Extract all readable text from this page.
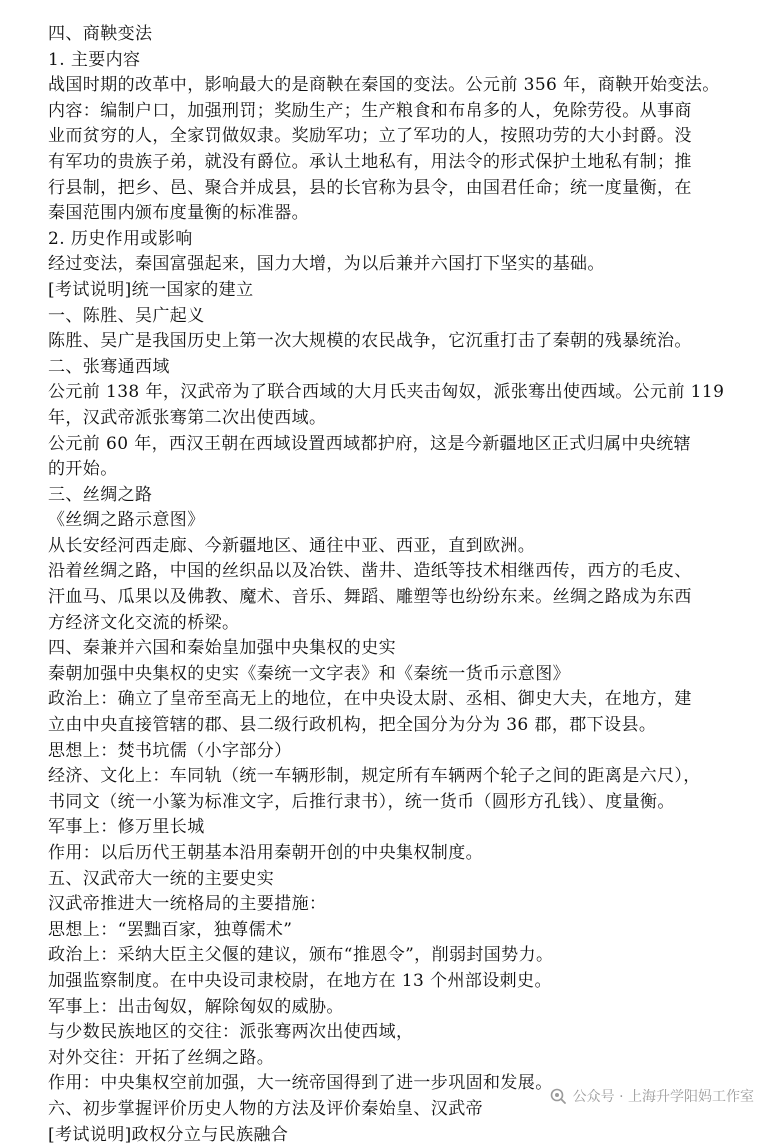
四、商鞅变法
1. 主要内容
战国时期的改革中，影响最大的是商鞅在秦国的变法。公元前 356 年，商鞅开始变法。
内容：编制户口，加强刑罚；奖励生产；生产粮食和布帛多的人，免除劳役。从事商
业而贫穷的人，全家罚做奴隶。奖励军功；立了军功的人，按照功劳的大小封爵。没
有军功的贵族子弟，就没有爵位。承认土地私有，用法令的形式保护土地私有制；推
行县制，把乡、邑、聚合并成县，县的长官称为县令，由国君任命；统一度量衡，在
秦国范围内颁布度量衡的标准器。
2. 历史作用或影响
经过变法，秦国富强起来，国力大增，为以后兼并六国打下坚实的基础。
[考试说明]统一国家的建立
一、陈胜、吴广起义
陈胜、吴广是我国历史上第一次大规模的农民战争，它沉重打击了秦朝的残暴统治。
二、张骞通西域
公元前 138 年，汉武帝为了联合西域的大月氏夹击匈奴，派张骞出使西域。公元前 119
年，汉武帝派张骞第二次出使西域。
公元前 60 年，西汉王朝在西域设置西域都护府，这是今新疆地区正式归属中央统辖
的开始。
三、丝绸之路
《丝绸之路示意图》
从长安经河西走廊、今新疆地区、通往中亚、西亚，直到欧洲。
沿着丝绸之路，中国的丝织品以及冶铁、凿井、造纸等技术相继西传，西方的毛皮、
汗血马、瓜果以及佛教、魔术、音乐、舞蹈、雕塑等也纷纷东来。丝绸之路成为东西
方经济文化交流的桥梁。
四、秦兼并六国和秦始皇加强中央集权的史实
秦朝加强中央集权的史实《秦统一文字表》和《秦统一货币示意图》
政治上：确立了皇帝至高无上的地位，在中央设太尉、丞相、御史大夫，在地方，建
立由中央直接管辖的郡、县二级行政机构，把全国分为分为 36 郡，郡下设县。
思想上：焚书坑儒（小字部分）
经济、文化上：车同轨（统一车辆形制，规定所有车辆两个轮子之间的距离是六尺），
书同文（统一小篆为标准文字，后推行隶书），统一货币（圆形方孔钱）、度量衡。
军事上：修万里长城
作用：以后历代王朝基本沿用秦朝开创的中央集权制度。
五、汉武帝大一统的主要史实
汉武帝推进大一统格局的主要措施：
思想上：“罢黜百家，独尊儒术”
政治上：采纳大臣主父偃的建议，颁布“推恩令”，削弱封国势力。
加强监察制度。在中央设司隶校尉，在地方在 13 个州部设刺史。
军事上：出击匈奴，解除匈奴的威胁。
与少数民族地区的交往：派张骞两次出使西域，
对外交往：开拓了丝绸之路。
作用：中央集权空前加强，大一统帝国得到了进一步巩固和发展。
六、初步掌握评价历史人物的方法及评价秦始皇、汉武帝
[考试说明]政权分立与民族融合
公众号 · 上海升学阳妈工作室
